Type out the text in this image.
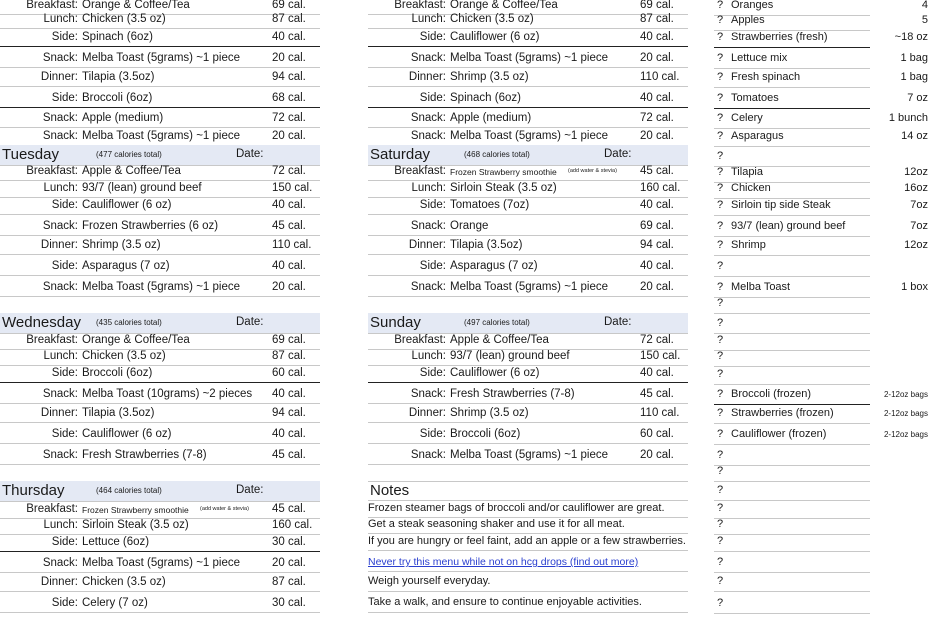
Breakfast: Orange & Coffee/Tea	69 cal.
Lunch: Chicken (3.5 oz)	87 cal.
Side: Spinach (6oz)	40 cal.
Snack: Melba Toast (5grams) ~1 piece	20 cal.
Dinner: Tilapia (3.5oz)	94 cal.
Side: Broccoli (6oz)	68 cal.
Snack: Apple (medium)	72 cal.
Snack: Melba Toast (5grams) ~1 piece	20 cal.
Tuesday	(477 calories total)	Date:
Breakfast: Apple & Coffee/Tea	72 cal.
Lunch: 93/7 (lean) ground beef	150 cal.
Side: Cauliflower (6 oz)	40 cal.
Snack: Frozen Strawberries (6 oz)	45 cal.
Dinner: Shrimp (3.5 oz)	110 cal.
Side: Asparagus (7 oz)	40 cal.
Snack: Melba Toast (5grams) ~1 piece	20 cal.
Wednesday (435 calories total)	Date:
Breakfast: Orange & Coffee/Tea	69 cal.
Lunch: Chicken (3.5 oz)	87 cal.
Side: Broccoli (6oz)	60 cal.
Snack: Melba Toast (10grams) ~2 pieces 40 cal.
Dinner: Tilapia (3.5oz)	94 cal.
Side: Cauliflower (6 oz)	40 cal.
Snack: Fresh Strawberries (7-8)	45 cal.
Thursday	(464 calories total)	Date:
Breakfast: Frozen Strawberry smoothie (add water & stevia) 45 cal.
Lunch: Sirloin Steak (3.5 oz)	160 cal.
Side: Lettuce (6oz)	30 cal.
Snack: Melba Toast (5grams) ~1 piece	20 cal.
Dinner: Chicken (3.5 oz)	87 cal.
Side: Celery (7 oz)	30 cal.
Breakfast: Orange & Coffee/Tea	69 cal.
Lunch: Chicken (3.5 oz)	87 cal.
Side: Cauliflower (6 oz)	40 cal.
Snack: Melba Toast (5grams) ~1 piece	20 cal.
Dinner: Shrimp (3.5 oz)	110 cal.
Side: Spinach (6oz)	40 cal.
Snack: Apple (medium)	72 cal.
Snack: Melba Toast (5grams) ~1 piece	20 cal.
Saturday	(468 calories total)	Date:
Breakfast: Frozen Strawberry smoothie (add water & stevia) 45 cal.
Lunch: Sirloin Steak (3.5 oz)	160 cal.
Side: Tomatoes (7oz)	40 cal.
Snack: Orange	69 cal.
Dinner: Tilapia (3.5oz)	94 cal.
Side: Asparagus (7 oz)	40 cal.
Snack: Melba Toast (5grams) ~1 piece	20 cal.
Sunday	(497 calories total)	Date:
Breakfast: Apple & Coffee/Tea	72 cal.
Lunch: 93/7 (lean) ground beef	150 cal.
Side: Cauliflower (6 oz)	40 cal.
Snack: Fresh Strawberries (7-8)	45 cal.
Dinner: Shrimp (3.5 oz)	110 cal.
Side: Broccoli (6oz)	60 cal.
Snack: Melba Toast (5grams) ~1 piece	20 cal.
Notes
Frozen steamer bags of broccoli and/or cauliflower are great.
Get a steak seasoning shaker and use it for all meat.
If you are hungry or feel faint, add an apple or a few strawberries.
Never try this menu while not on hcg drops (find out more)
Weigh yourself everyday.
Take a walk, and ensure to continue enjoyable activities.
? Oranges	4
? Apples	5
? Strawberries (fresh)	~18 oz
? Lettuce mix	1 bag
? Fresh spinach	1 bag
? Tomatoes	7 oz
? Celery	1 bunch
? Asparagus	14 oz
?
? Tilapia	12oz
? Chicken	16oz
? Sirloin tip side Steak	7oz
? 93/7 (lean) ground beef	7oz
? Shrimp	12oz
?
? Melba Toast	1 box
?
?
?
?
?
? Broccoli (frozen)	2-12oz bags
? Strawberries (frozen)	2-12oz bags
? Cauliflower (frozen)	2-12oz bags
?
?
?
?
?
?
?
?
?
